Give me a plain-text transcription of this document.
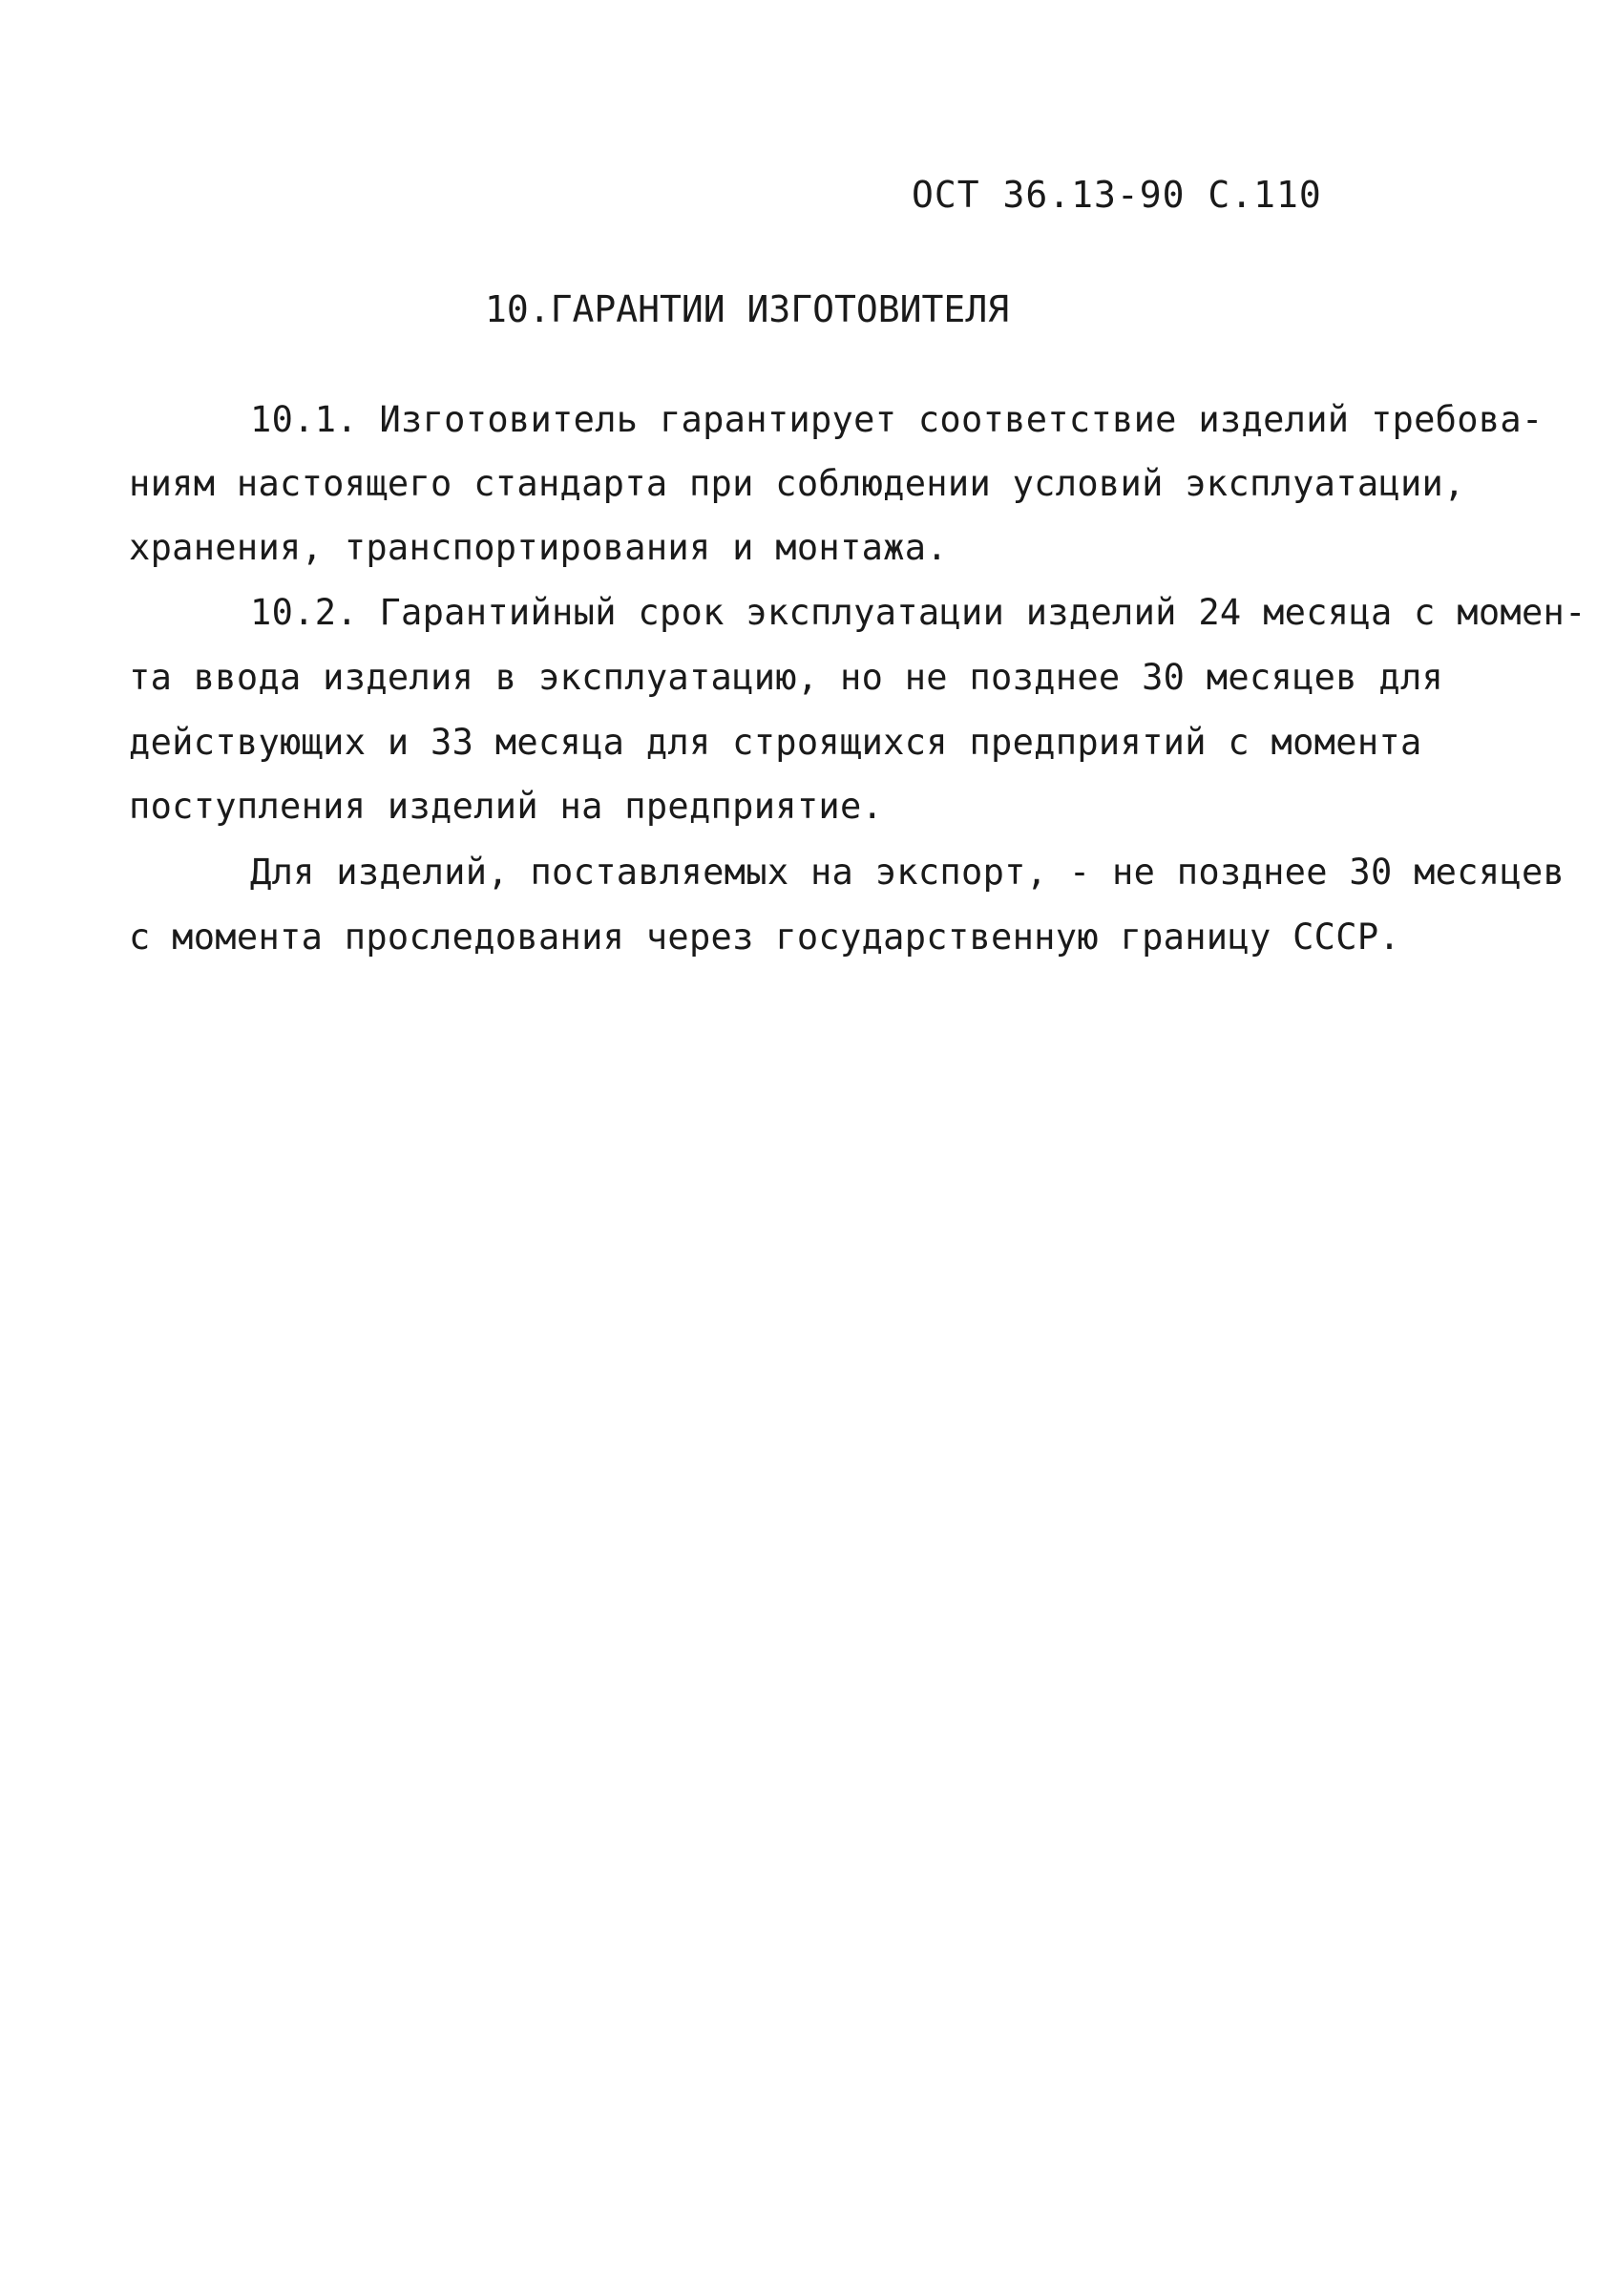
ОСТ 36.13-90 С.110
10.ГАРАНТИИ ИЗГОТОВИТЕЛЯ
10.1. Изготовитель гарантирует соответствие изделий требова-
ниям настоящего стандарта при соблюдении условий эксплуатации,
хранения, транспортирования и монтажа.
10.2. Гарантийный срок эксплуатации изделий 24 месяца с момен-
та ввода изделия в эксплуатацию, но не позднее 30 месяцев для
действующих и 33 месяца для строящихся предприятий с момента
поступления изделий на предприятие.
Для изделий, поставляемых на экспорт, - не позднее 30 месяцев
с момента проследования через государственную границу СССР.
